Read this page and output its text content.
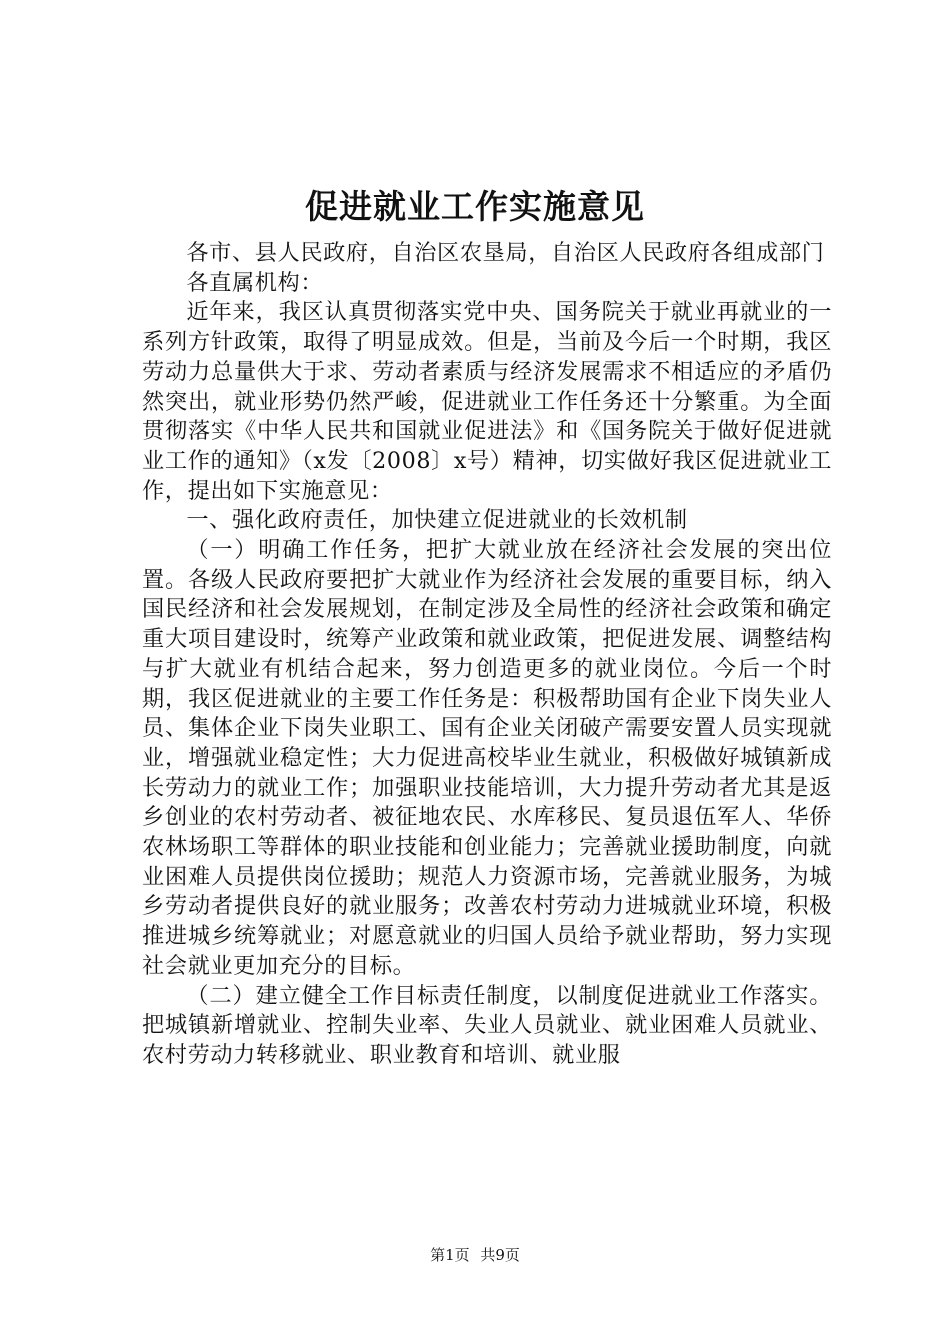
促进就业工作实施意见

各市、县人民政府，自治区农垦局，自治区人民政府各组成部门

各直属机构：

近年来，我区认真贯彻落实党中央、国务院关于就业再就业的一系列方针政策，取得了明显成效。但是，当前及今后一个时期，我区劳动力总量供大于求、劳动者素质与经济发展需求不相适应的矛盾仍然突出，就业形势仍然严峻，促进就业工作任务还十分繁重。为全面贯彻落实《中华人民共和国就业促进法》和《国务院关于做好促进就业工作的通知》（x发〔2008〕x号）精神，切实做好我区促进就业工作，提出如下实施意见：

一、强化政府责任，加快建立促进就业的长效机制

（一）明确工作任务，把扩大就业放在经济社会发展的突出位置。各级人民政府要把扩大就业作为经济社会发展的重要目标，纳入国民经济和社会发展规划，在制定涉及全局性的经济社会政策和确定重大项目建设时，统筹产业政策和就业政策，把促进发展、调整结构与扩大就业有机结合起来，努力创造更多的就业岗位。今后一个时期，我区促进就业的主要工作任务是：积极帮助国有企业下岗失业人员、集体企业下岗失业职工、国有企业关闭破产需要安置人员实现就业，增强就业稳定性；大力促进高校毕业生就业，积极做好城镇新成长劳动力的就业工作；加强职业技能培训，大力提升劳动者尤其是返乡创业的农村劳动者、被征地农民、水库移民、复员退伍军人、华侨农林场职工等群体的职业技能和创业能力；完善就业援助制度，向就业困难人员提供岗位援助；规范人力资源市场，完善就业服务，为城乡劳动者提供良好的就业服务；改善农村劳动力进城就业环境，积极推进城乡统筹就业；对愿意就业的归国人员给予就业帮助，努力实现社会就业更加充分的目标。

（二）建立健全工作目标责任制度，以制度促进就业工作落实。把城镇新增就业、控制失业率、失业人员就业、就业困难人员就业、农村劳动力转移就业、职业教育和培训、就业服

第1页 共9页
